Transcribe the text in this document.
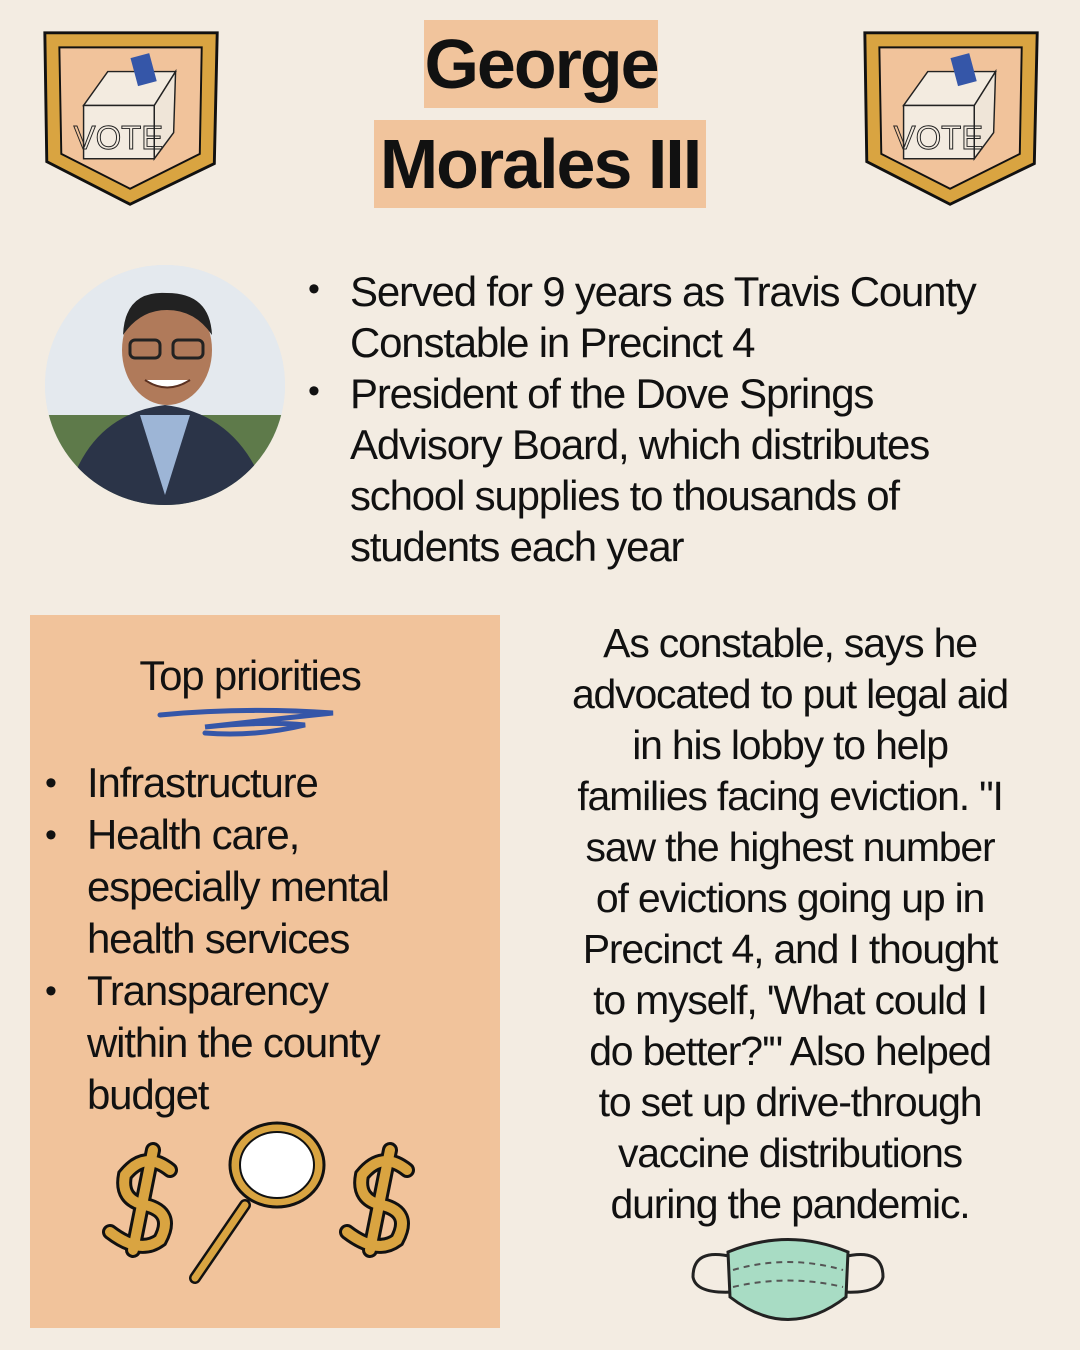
George
Morales III
VOTE	VOTE
• Served for 9 years as Travis County
Constable in Precinct 4
• President of the Dove Springs
Advisory Board, which distributes
school supplies to thousands of
students each year
Top priorities
• Infrastructure
• Health care,
especially mental
health services
• Transparency
within the county
budget
As constable, says he
advocated to put legal aid
in his lobby to help
families facing eviction. "I
saw the highest number
of evictions going up in
Precinct 4, and I thought
to myself, 'What could I
do better?'" Also helped
to set up drive-through
vaccine distributions
during the pandemic.
